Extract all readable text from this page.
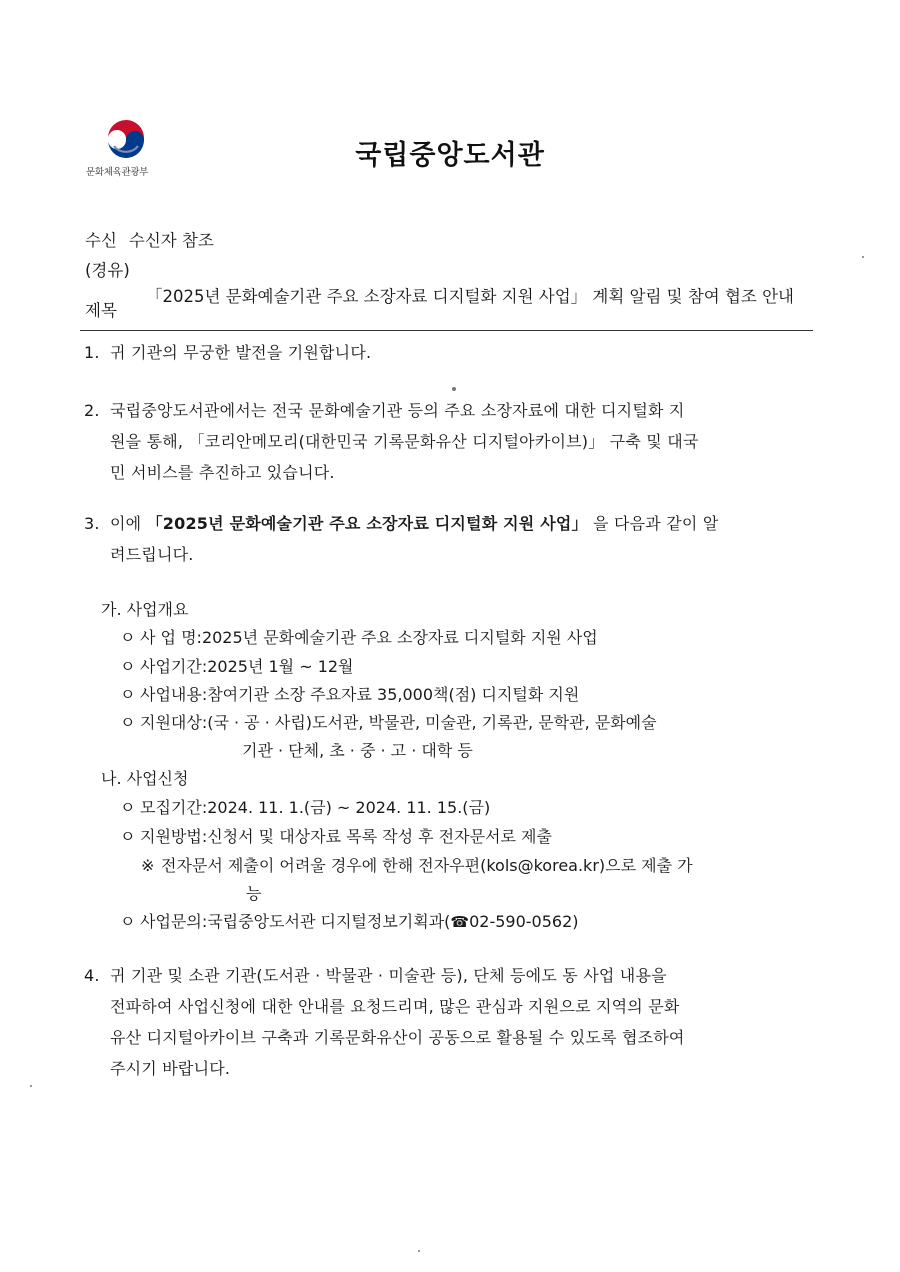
문화체육관광부
국립중앙도서관
수신 수신자 참조
(경유)
제목
「2025년 문화예술기관 주요 소장자료 디지털화 지원 사업」 계획 알림 및 참여 협조 안내
1. 귀 기관의 무궁한 발전을 기원합니다.
2. 국립중앙도서관에서는 전국 문화예술기관 등의 주요 소장자료에 대한 디지털화 지
원을 통해, 「코리안메모리(대한민국 기록문화유산 디지털아카이브)」 구축 및 대국
민 서비스를 추진하고 있습니다.
3. 이에 「2025년 문화예술기관 주요 소장자료 디지털화 지원 사업」 을 다음과 같이 알
려드립니다.
가. 사업개요
ㅇ 사 업 명:2025년 문화예술기관 주요 소장자료 디지털화 지원 사업
ㅇ 사업기간:2025년 1월 ~ 12월
ㅇ 사업내용:참여기관 소장 주요자료 35,000책(점) 디지털화 지원
ㅇ 지원대상:(국 · 공 · 사립)도서관, 박물관, 미술관, 기록관, 문학관, 문화예술
기관 · 단체, 초 · 중 · 고 · 대학 등
나. 사업신청
ㅇ 모집기간:2024. 11. 1.(금) ~ 2024. 11. 15.(금)
ㅇ 지원방법:신청서 및 대상자료 목록 작성 후 전자문서로 제출
※ 전자문서 제출이 어려울 경우에 한해 전자우편(kols@korea.kr)으로 제출 가
능
ㅇ 사업문의:국립중앙도서관 디지털정보기획과(☎02-590-0562)
4. 귀 기관 및 소관 기관(도서관 · 박물관 · 미술관 등), 단체 등에도 동 사업 내용을
전파하여 사업신청에 대한 안내를 요청드리며, 많은 관심과 지원으로 지역의 문화
유산 디지털아카이브 구축과 기록문화유산이 공동으로 활용될 수 있도록 협조하여
주시기 바랍니다.
